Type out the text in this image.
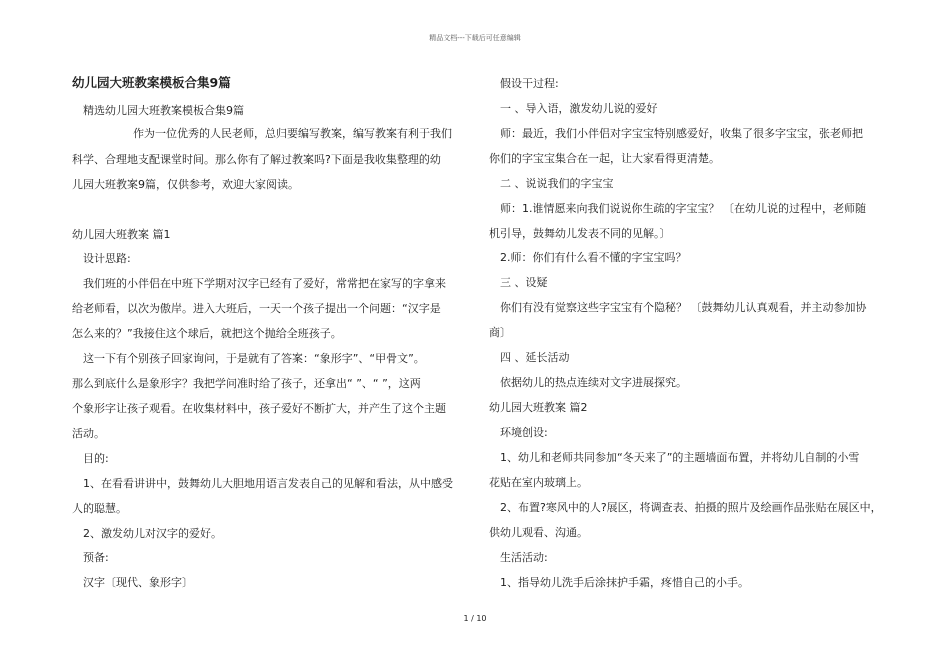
精品文档---下载后可任意编辑
幼儿园大班教案模板合集9篇
精选幼儿园大班教案模板合集9篇
作为一位优秀的人民老师，总归要编写教案，编写教案有利于我们
科学、合理地支配课堂时间。那么你有了解过教案吗?下面是我收集整理的幼
儿园大班教案9篇，仅供参考，欢迎大家阅读。
幼儿园大班教案 篇1
设计思路:
我们班的小伴侣在中班下学期对汉字已经有了爱好，常常把在家写的字拿来
给老师看，以次为傲岸。进入大班后，一天一个孩子提出一个问题：“汉字是
怎么来的？”我接住这个球后，就把这个抛给全班孩子。
这一下有个别孩子回家询问，于是就有了答案：“象形字”、“甲骨文”。
那么到底什么是象形字？我把学问准时给了孩子，还拿出“ ”、“ ”，这两
个象形字让孩子观看。在收集材料中，孩子爱好不断扩大，并产生了这个主题
活动。
目的:
1、在看看讲讲中，鼓舞幼儿大胆地用语言发表自己的见解和看法，从中感受
人的聪慧。
2、激发幼儿对汉字的爱好。
预备:
汉字〔现代、象形字〕
假设干过程:
一 、导入语，激发幼儿说的爱好
师：最近，我们小伴侣对字宝宝特别感爱好，收集了很多字宝宝，张老师把
你们的字宝宝集合在一起，让大家看得更清楚。
二 、说说我们的字宝宝
师：1.谁情愿来向我们说说你生疏的字宝宝？ 〔在幼儿说的过程中，老师随
机引导，鼓舞幼儿发表不同的见解。〕
2.师：你们有什么看不懂的字宝宝吗？
三 、设疑
你们有没有觉察这些字宝宝有个隐秘？ 〔鼓舞幼儿认真观看，并主动参加协
商〕
四 、延长活动
依据幼儿的热点连续对文字进展探究。
幼儿园大班教案 篇2
环境创设:
1、幼儿和老师共同参加“冬天来了”的主题墙面布置，并将幼儿自制的小雪
花贴在室内玻璃上。
2、布置?寒风中的人?展区，将调查表、拍摄的照片及绘画作品张贴在展区中，
供幼儿观看、沟通。
生活活动:
1、指导幼儿洗手后涂抹护手霜，疼惜自己的小手。
1 / 10
